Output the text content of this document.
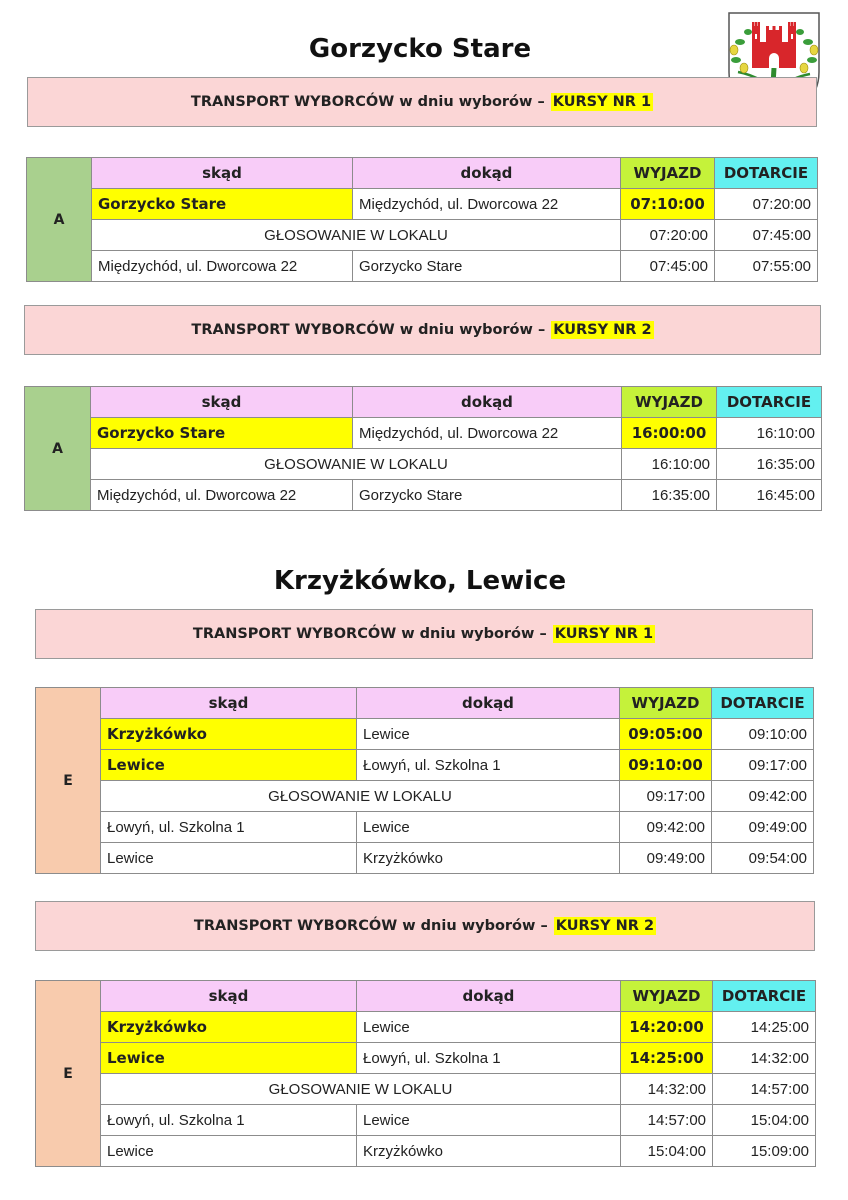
Gorzycko Stare
TRANSPORT WYBORCÓW w dniu wyborów – KURSY NR 1
A	skąd	dokąd	WYJAZD	DOTARCIE
	Gorzycko Stare	Międzychód, ul. Dworcowa 22	07:10:00	07:20:00
	GŁOSOWANIE W LOKALU		07:20:00	07:45:00
	Międzychód, ul. Dworcowa 22	Gorzycko Stare	07:45:00	07:55:00
TRANSPORT WYBORCÓW w dniu wyborów – KURSY NR 2
A	skąd	dokąd	WYJAZD	DOTARCIE
	Gorzycko Stare	Międzychód, ul. Dworcowa 22	16:00:00	16:10:00
	GŁOSOWANIE W LOKALU		16:10:00	16:35:00
	Międzychód, ul. Dworcowa 22	Gorzycko Stare	16:35:00	16:45:00
Krzyżkówko, Lewice
TRANSPORT WYBORCÓW w dniu wyborów – KURSY NR 1
E	skąd	dokąd	WYJAZD	DOTARCIE
	Krzyżkówko	Lewice	09:05:00	09:10:00
	Lewice	Łowyń, ul. Szkolna 1	09:10:00	09:17:00
	GŁOSOWANIE W LOKALU		09:17:00	09:42:00
	Łowyń, ul. Szkolna 1	Lewice	09:42:00	09:49:00
	Lewice	Krzyżkówko	09:49:00	09:54:00
TRANSPORT WYBORCÓW w dniu wyborów – KURSY NR 2
E	skąd	dokąd	WYJAZD	DOTARCIE
	Krzyżkówko	Lewice	14:20:00	14:25:00
	Lewice	Łowyń, ul. Szkolna 1	14:25:00	14:32:00
	GŁOSOWANIE W LOKALU		14:32:00	14:57:00
	Łowyń, ul. Szkolna 1	Lewice	14:57:00	15:04:00
	Lewice	Krzyżkówko	15:04:00	15:09:00
